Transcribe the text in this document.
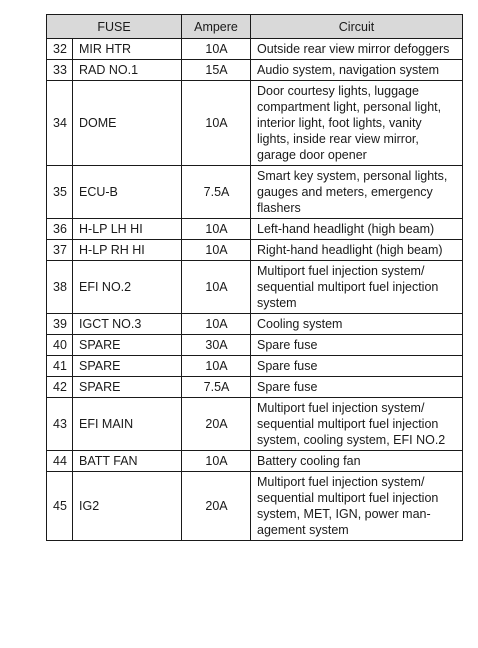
FUSE		Ampere	Circuit
32	MIR HTR	10A	Outside rear view mirror defoggers
33	RAD NO.1	15A	Audio system, navigation system
34	DOME	10A	Door courtesy lights, luggage compartment light, personal light, interior light, foot lights, vanity lights, inside rear view mirror, garage door opener
35	ECU-B	7.5A	Smart key system, personal lights, gauges and meters, emergency flashers
36	H-LP LH HI	10A	Left-hand headlight (high beam)
37	H-LP RH HI	10A	Right-hand headlight (high beam)
38	EFI NO.2	10A	Multiport fuel injection system/ sequential multiport fuel injection system
39	IGCT NO.3	10A	Cooling system
40	SPARE	30A	Spare fuse
41	SPARE	10A	Spare fuse
42	SPARE	7.5A	Spare fuse
43	EFI MAIN	20A	Multiport fuel injection system/ sequential multiport fuel injection system, cooling system, EFI NO.2
44	BATT FAN	10A	Battery cooling fan
45	IG2	20A	Multiport fuel injection system/ sequential multiport fuel injection system, MET, IGN, power man-agement system
